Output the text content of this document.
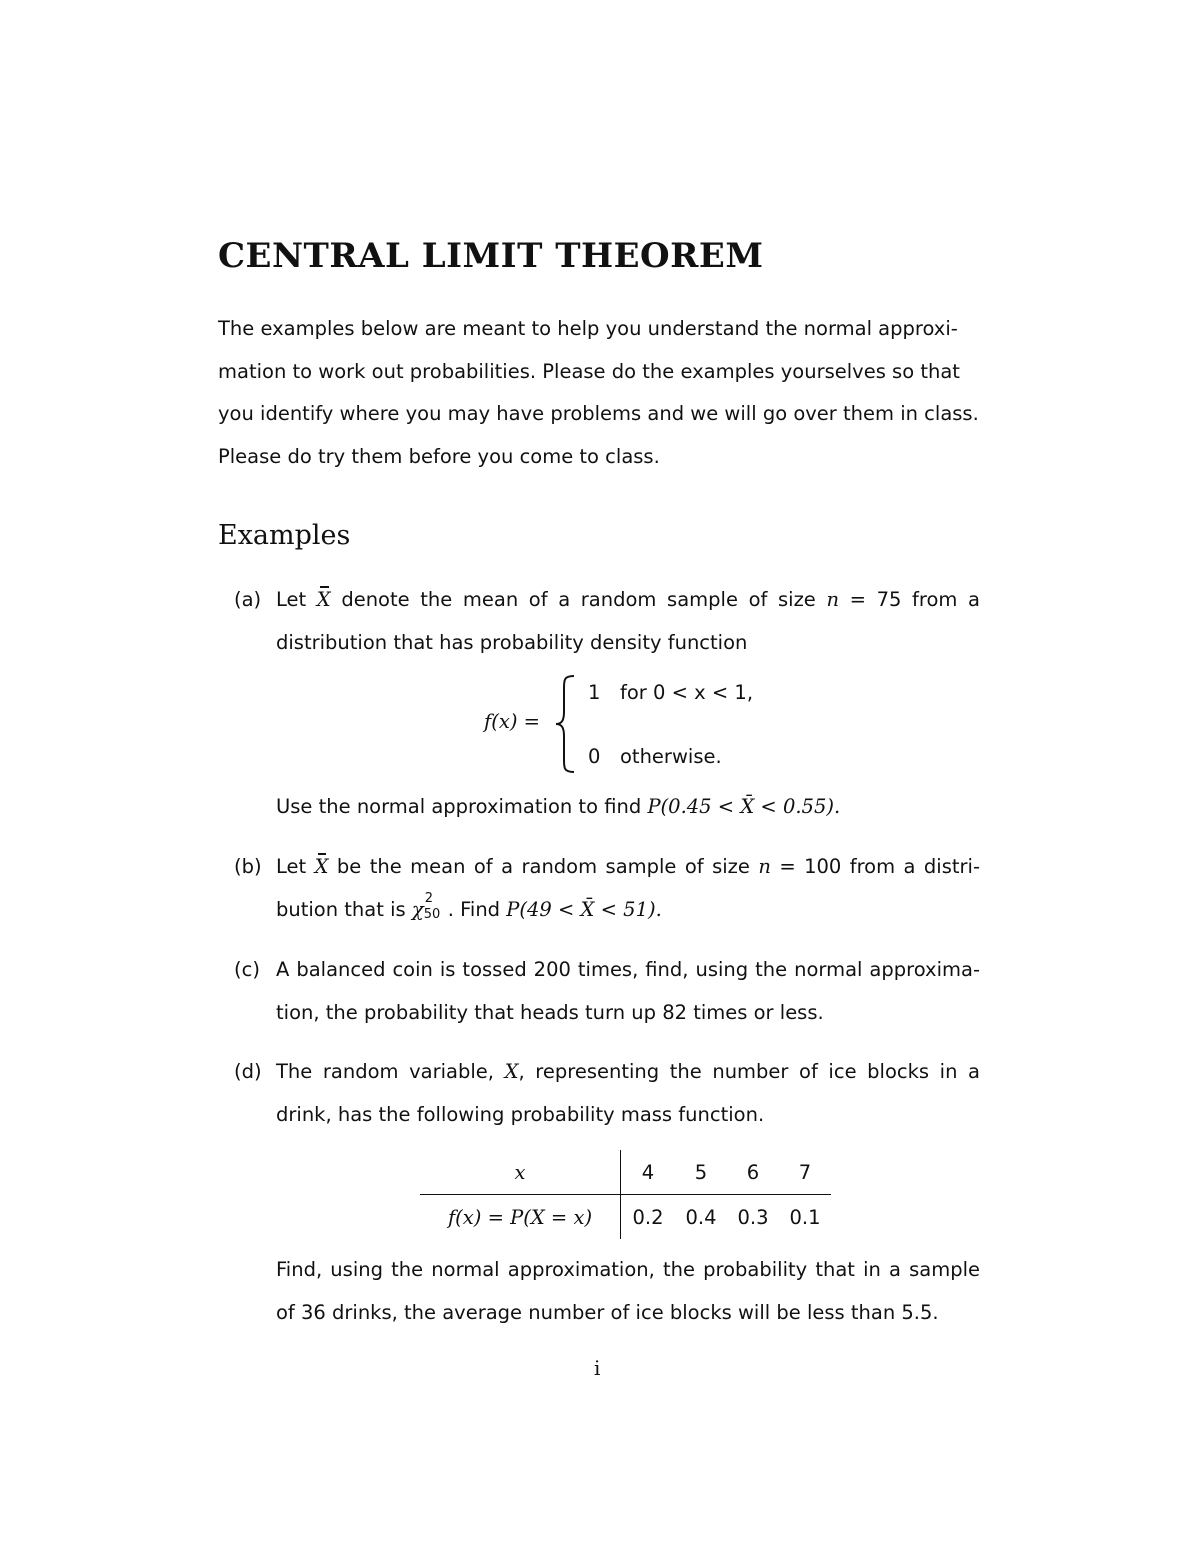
CENTRAL LIMIT THEOREM
The examples below are meant to help you understand the normal approxi-
mation to work out probabilities. Please do the examples yourselves so that
you identify where you may have problems and we will go over them in class.
Please do try them before you come to class.
Examples
(a) Let X denote the mean of a random sample of size n = 75 from a
distribution that has probability density function
f(x) =
1 for 0 < x < 1,
0 otherwise.
Use the normal approximation to find P(0.45 < X̄ < 0.55).
(b) Let X be the mean of a random sample of size n = 100 from a distri-
bution that is χ 2
50 . Find P(49 < X̄ < 51).
(c) A balanced coin is tossed 200 times, find, using the normal approxima-
tion, the probability that heads turn up 82 times or less.
(d) The random variable, X, representing the number of ice blocks in a
drink, has the following probability mass function.
x	4	5	6	7
f(x) = P(X = x)	0.2	0.4	0.3	0.1
Find, using the normal approximation, the probability that in a sample
of 36 drinks, the average number of ice blocks will be less than 5.5.
i
